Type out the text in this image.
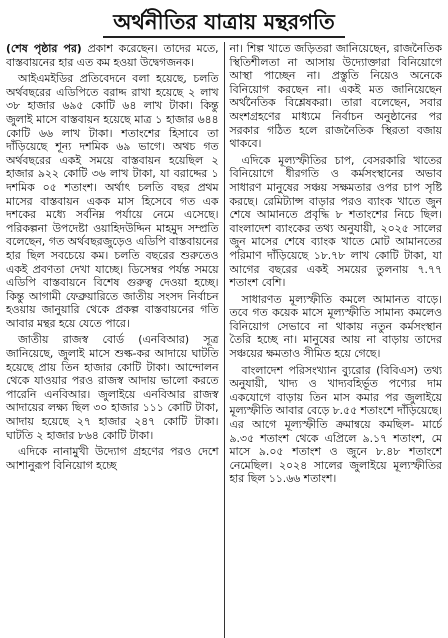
অর্থনীতির যাত্রায় মন্থরগতি

(শেষ পৃষ্ঠার পর) প্রকাশ করেছেন। তাদের মতে, বাস্তবায়নের হার এত কম হওয়া উদ্বেগজনক।

আইএমইডির প্রতিবেদনে বলা হয়েছে, চলতি অর্থবছরের এডিপিতে বরাদ্দ রাখা হয়েছে ২ লাখ ৩৮ হাজার ৬৯৫ কোটি ৬৪ লাখ টাকা। কিন্তু জুলাই মাসে বাস্তবায়ন হয়েছে মাত্র ১ হাজার ৬৪৪ কোটি ৬৬ লাখ টাকা। শতাংশের হিসাবে তা দাঁড়িয়েছে শূন্য দশমিক ৬৯ ভাগে। অথচ গত অর্থবছরের একই সময়ে বাস্তবায়ন হয়েছিল ২ হাজার ৯২২ কোটি ৩৬ লাখ টাকা, যা বরাদ্দের ১ দশমিক ০৫ শতাংশ। অর্থাৎ চলতি বছর প্রথম মাসের বাস্তবায়ন একক মাস হিসেবে গত এক দশকের মধ্যে সর্বনিম্ন পর্যায়ে নেমে এসেছে। পরিকল্পনা উপদেষ্টা ওয়াহিদউদ্দিন মাহমুদ সম্প্রতি বলেছেন, গত অর্থবছরজুড়েও এডিপি বাস্তবায়নের হার ছিল সবচেয়ে কম। চলতি বছরের শুরুতেও একই প্রবণতা দেখা যাচ্ছে। ডিসেম্বর পর্যন্ত সময়ে এডিপি বাস্তবায়নে বিশেষ গুরুত্ব দেওয়া হচ্ছে। কিন্তু আগামী ফেব্রুয়ারিতে জাতীয় সংসদ নির্বাচন হওয়ায় জানুয়ারি থেকে প্রকল্প বাস্তবায়নের গতি আবার মন্থর হয়ে যেতে পারে।

জাতীয় রাজস্ব বোর্ড (এনবিআর) সূত্র জানিয়েছে, জুলাই মাসে শুল্ক-কর আদায়ে ঘাটতি হয়েছে প্রায় তিন হাজার কোটি টাকা। আন্দোলন থেকে যাওয়ার পরও রাজস্ব আদায় ভালো করতে পারেনি এনবিআর। জুলাইয়ে এনবিআর রাজস্ব আদায়ের লক্ষ্য ছিল ৩০ হাজার ১১১ কোটি টাকা, আদায় হয়েছে ২৭ হাজার ২৪৭ কোটি টাকা। ঘাটতি ২ হাজার ৮৬৪ কোটি টাকা।

এদিকে নানামুখী উদ্যোগ গ্রহণের পরও দেশে আশানুরূপ বিনিয়োগ হচ্ছে

না। শিল্প খাতে জড়িতরা জানিয়েছেন, রাজনৈতিক স্থিতিশীলতা না আসায় উদ্যোক্তারা বিনিয়োগে আস্থা পাচ্ছেন না। প্রস্তুতি নিয়েও অনেকে বিনিয়োগ করছেন না। একই মত জানিয়েছেন অর্থনৈতিক বিশ্লেষকরা। তারা বলেছেন, সবার অংশগ্রহণের মাধ্যমে নির্বাচন অনুষ্ঠানের পর সরকার গঠিত হলে রাজনৈতিক স্থিরতা বজায় থাকবে।

এদিকে মূল্যস্ফীতির চাপ, বেসরকারি খাতের বিনিয়োগে ধীরগতি ও কর্মসংস্থানের অভাব সাধারণ মানুষের সঞ্চয় সক্ষমতার ওপর চাপ সৃষ্টি করছে। রেমিট্যান্স বাড়ার পরও ব্যাংক খাতে জুন শেষে আমানতে প্রবৃদ্ধি ৮ শতাংশের নিচে ছিল। বাংলাদেশ ব্যাংকের তথ্য অনুযায়ী, ২০২৫ সালের জুন মাসের শেষে ব্যাংক খাতে মোট আমানতের পরিমাণ দাঁড়িয়েছে ১৮.৭৮ লাখ কোটি টাকা, যা আগের বছরের একই সময়ের তুলনায় ৭.৭৭ শতাংশ বেশি।

সাধারণত মূল্যস্ফীতি কমলে আমানত বাড়ে। তবে গত কয়েক মাসে মূল্যস্ফীতি সামান্য কমলেও বিনিয়োগ সেভাবে না থাকায় নতুন কর্মসংস্থান তৈরি হচ্ছে না। মানুষের আয় না বাড়ায় তাদের সঞ্চয়ের ক্ষমতাও সীমিত হয়ে গেছে।

বাংলাদেশ পরিসংখ্যান ব্যুরোর (বিবিএস) তথ্য অনুযায়ী, খাদ্য ও খাদ্যবহির্ভূত পণ্যের দাম একযোগে বাড়ায় তিন মাস কমার পর জুলাইয়ে মূল্যস্ফীতি আবার বেড়ে ৮.৫৫ শতাংশে দাঁড়িয়েছে। এর আগে মূল্যস্ফীতি ক্রমান্বয়ে কমছিল- মার্চে ৯.৩৫ শতাংশ থেকে এপ্রিলে ৯.১৭ শতাংশ, মে মাসে ৯.০৫ শতাংশ ও জুনে ৮.৪৮ শতাংশে নেমেছিল। ২০২৪ সালের জুলাইয়ে মূল্যস্ফীতির হার ছিল ১১.৬৬ শতাংশ।
